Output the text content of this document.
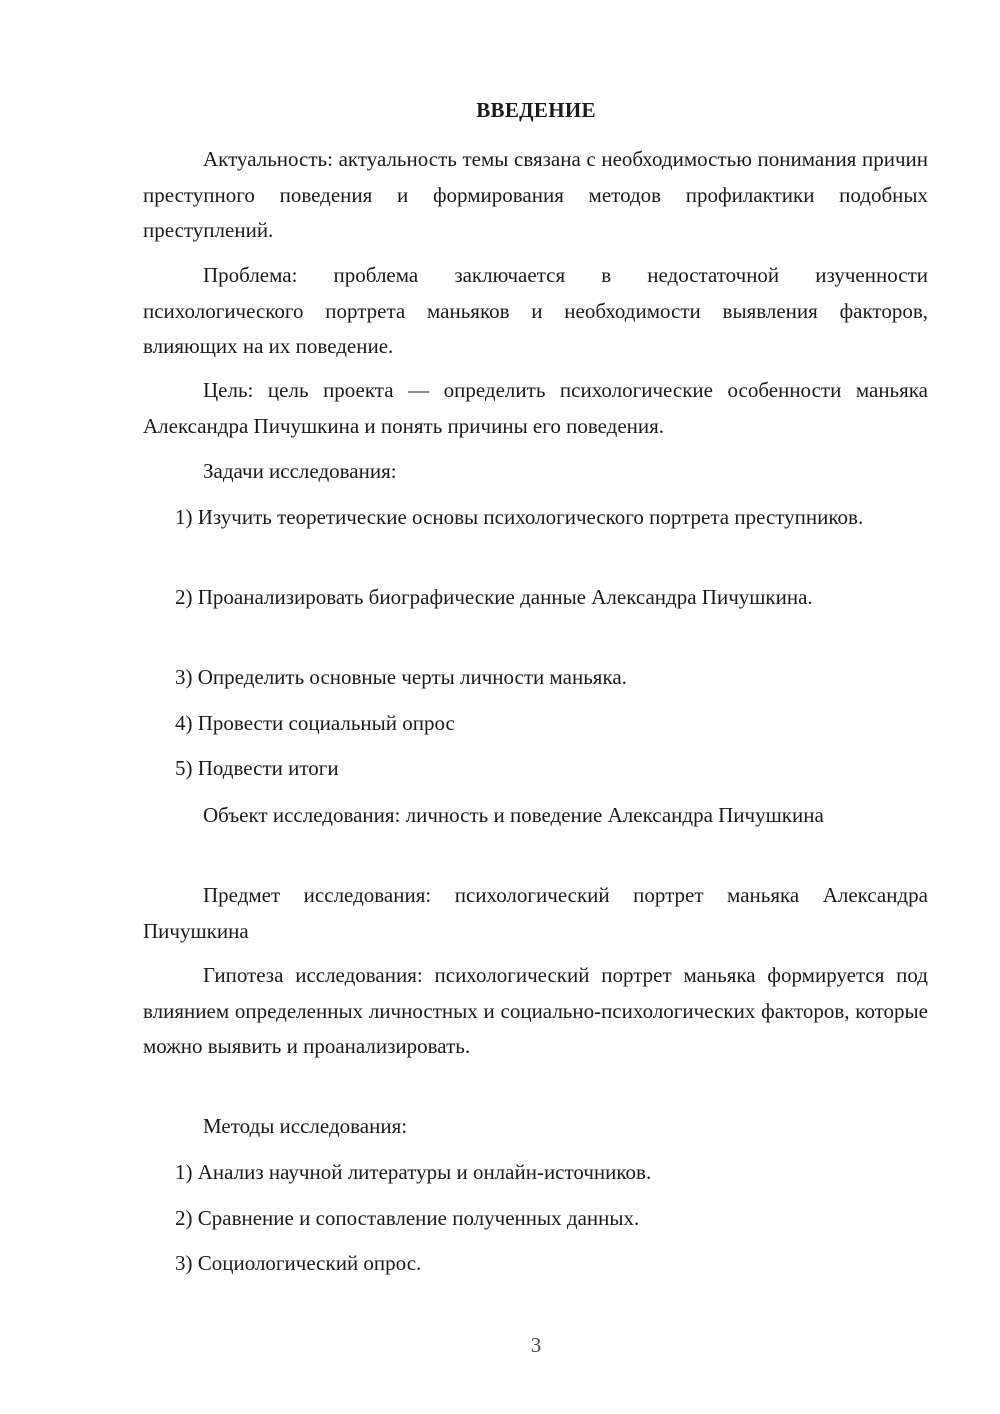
ВВЕДЕНИЕ

Актуальность: актуальность темы связана с необходимостью понимания причин преступного поведения и формирования методов профилактики подобных преступлений.

Проблема: проблема заключается в недостаточной изученности психологического портрета маньяков и необходимости выявления факторов, влияющих на их поведение.

Цель: цель проекта — определить психологические особенности маньяка Александра Пичушкина и понять причины его поведения.

Задачи исследования:

1) Изучить теоретические основы психологического портрета преступников.

2) Проанализировать биографические данные Александра Пичушкина.

3) Определить основные черты личности маньяка.

4) Провести социальный опрос

5) Подвести итоги

Объект исследования: личность и поведение Александра Пичушкина

Предмет исследования: психологический портрет маньяка Александра Пичушкина

Гипотеза исследования: психологический портрет маньяка формируется под влиянием определенных личностных и социально-психологических факторов, которые можно выявить и проанализировать.

Методы исследования:

1) Анализ научной литературы и онлайн-источников.

2) Сравнение и сопоставление полученных данных.

3) Социологический опрос.

3
